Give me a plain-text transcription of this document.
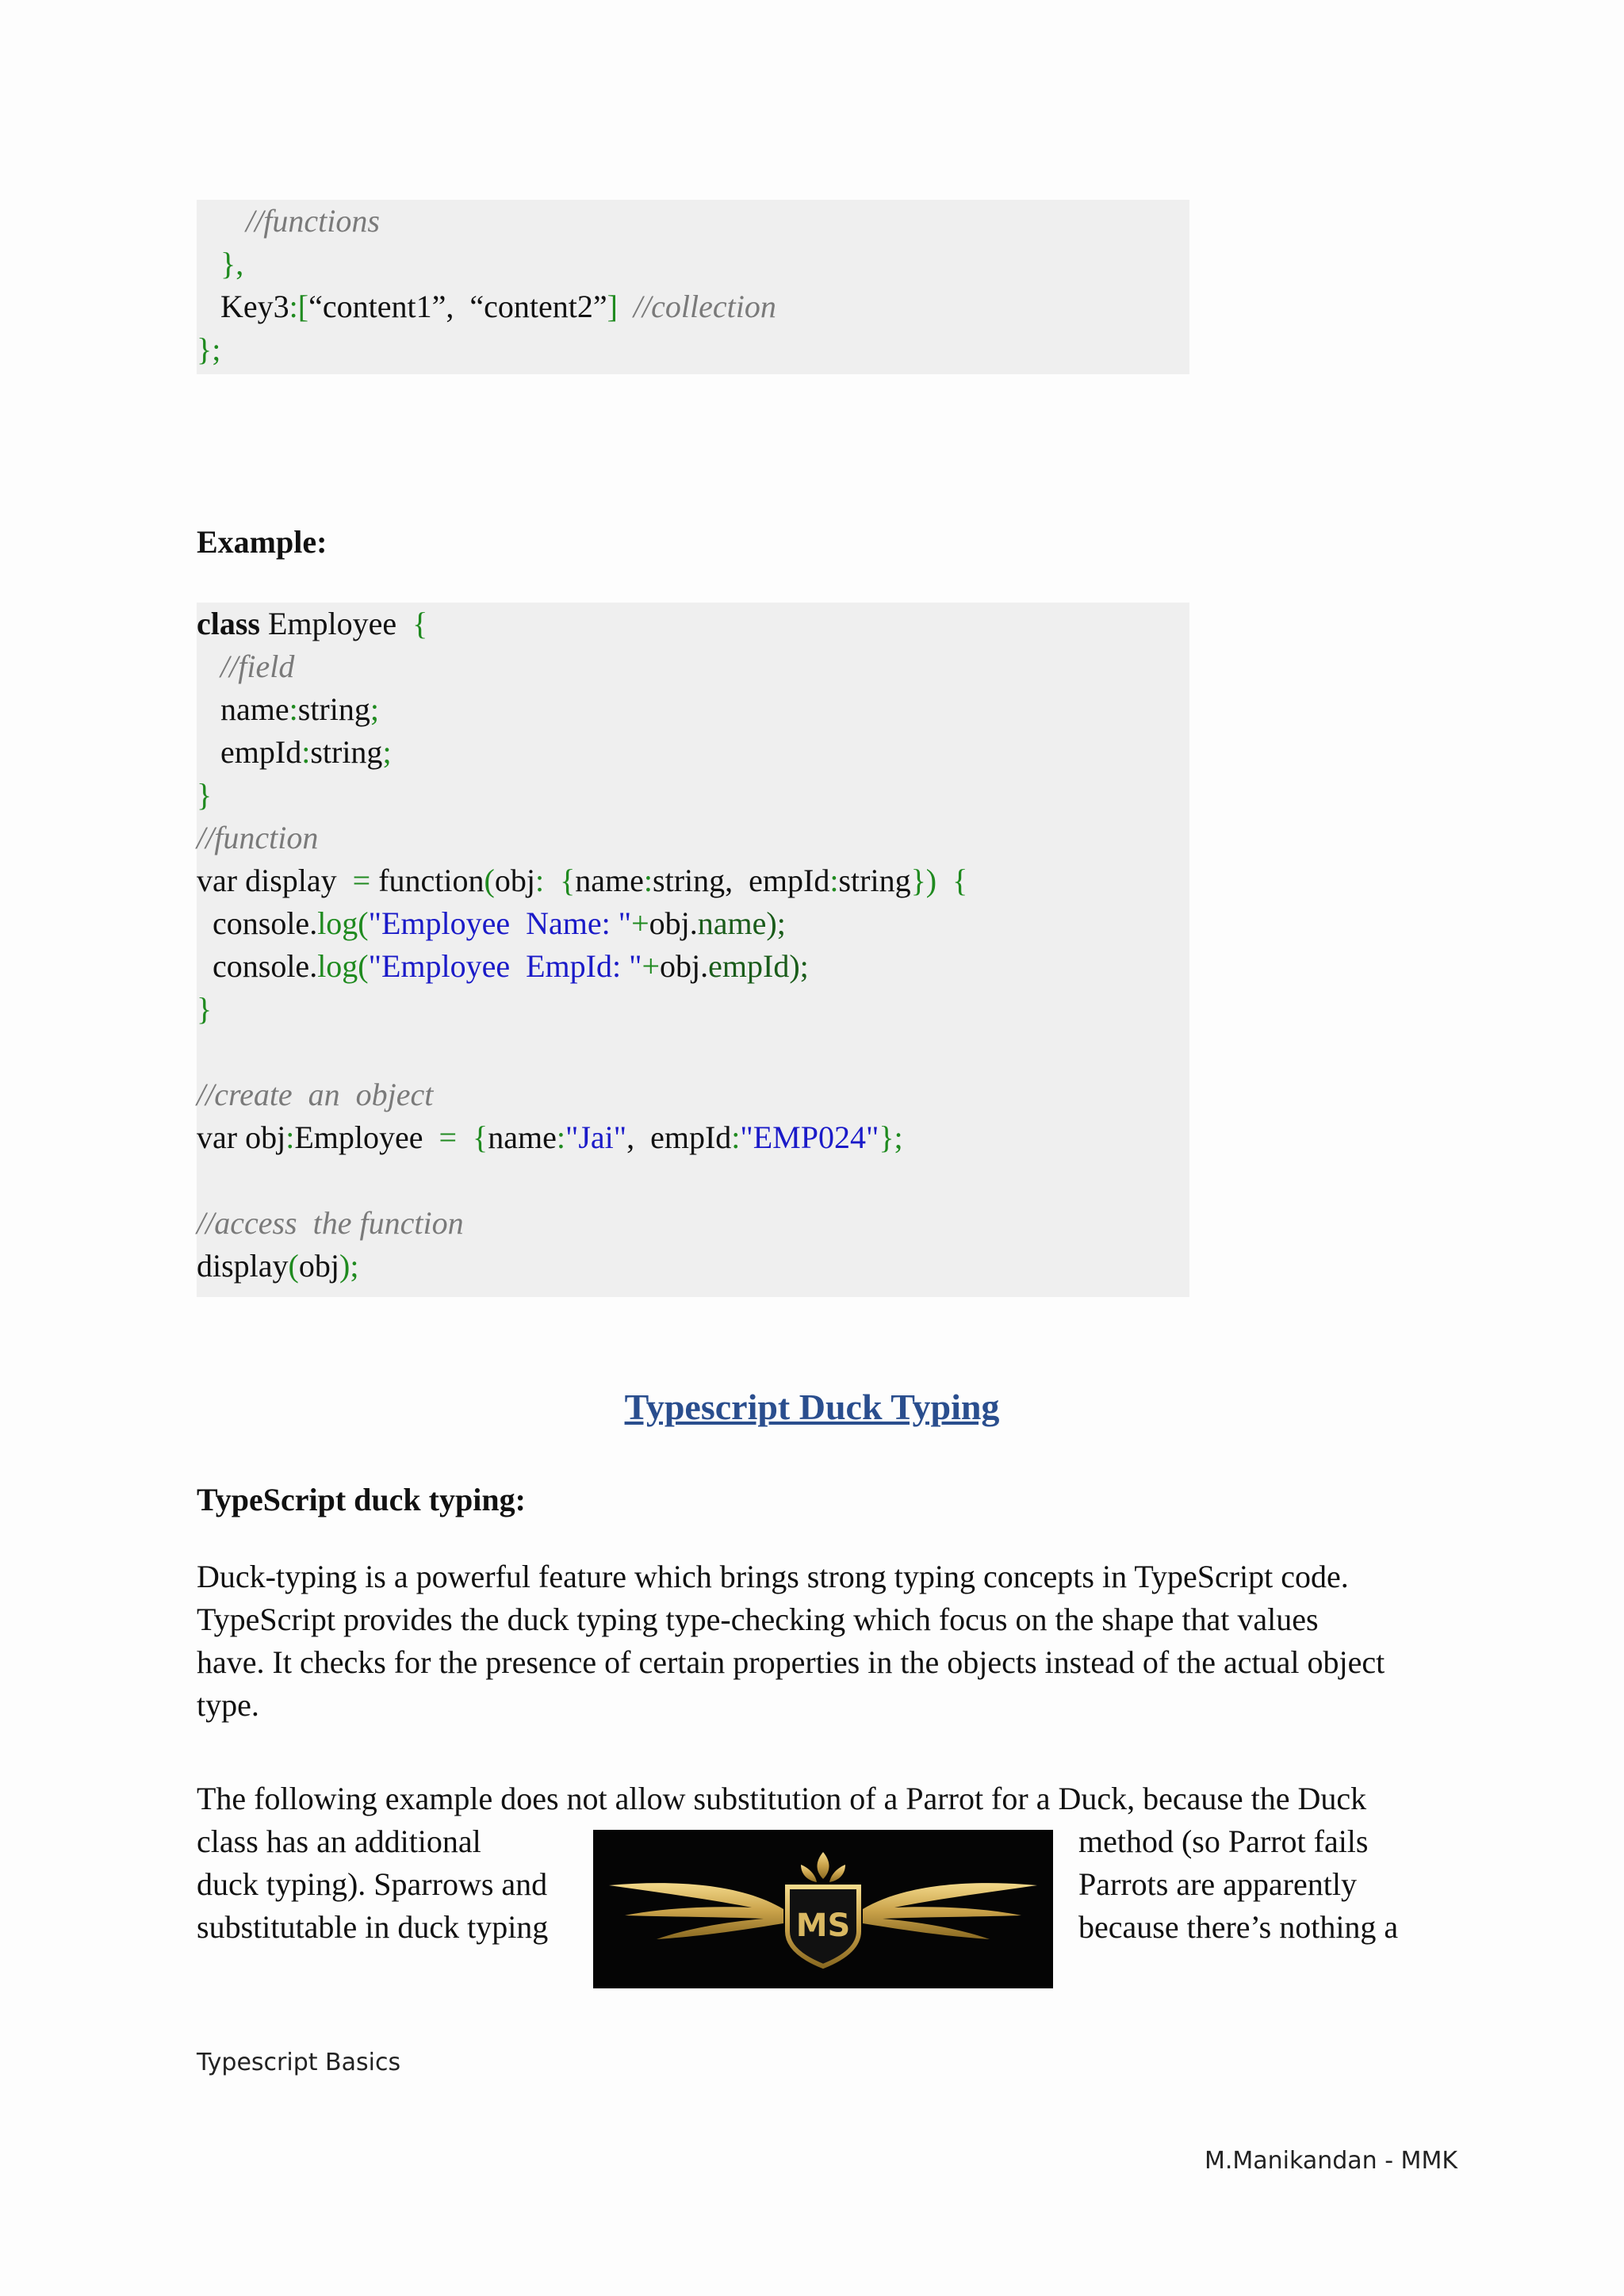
//functions
},
Key3:[“content1”,  “content2”] //collection
};
Example:
class Employee  {
//field
name:string;
empId:string;
}
//function
var display  = function(obj:  {name:string,  empId:string})  {
console.log("Employee  Name: "+obj.name);
console.log("Employee  EmpId: "+obj.empId);
}
//create  an  object
var obj:Employee  =  {name:"Jai",  empId:"EMP024"};
//access  the function
display(obj);
Typescript Duck Typing
TypeScript duck typing:
Duck-typing is a powerful feature which brings strong typing concepts in TypeScript code.
TypeScript provides the duck typing type-checking which focus on the shape that values
have. It checks for the presence of certain properties in the objects instead of the actual object
type.
The following example does not allow substitution of a Parrot for a Duck, because the Duck
class has an additional
duck typing). Sparrows and
substitutable in duck typing
method (so Parrot fails
Parrots are apparently
because there’s nothing a
MS
Typescript Basics
M.Manikandan - MMK
